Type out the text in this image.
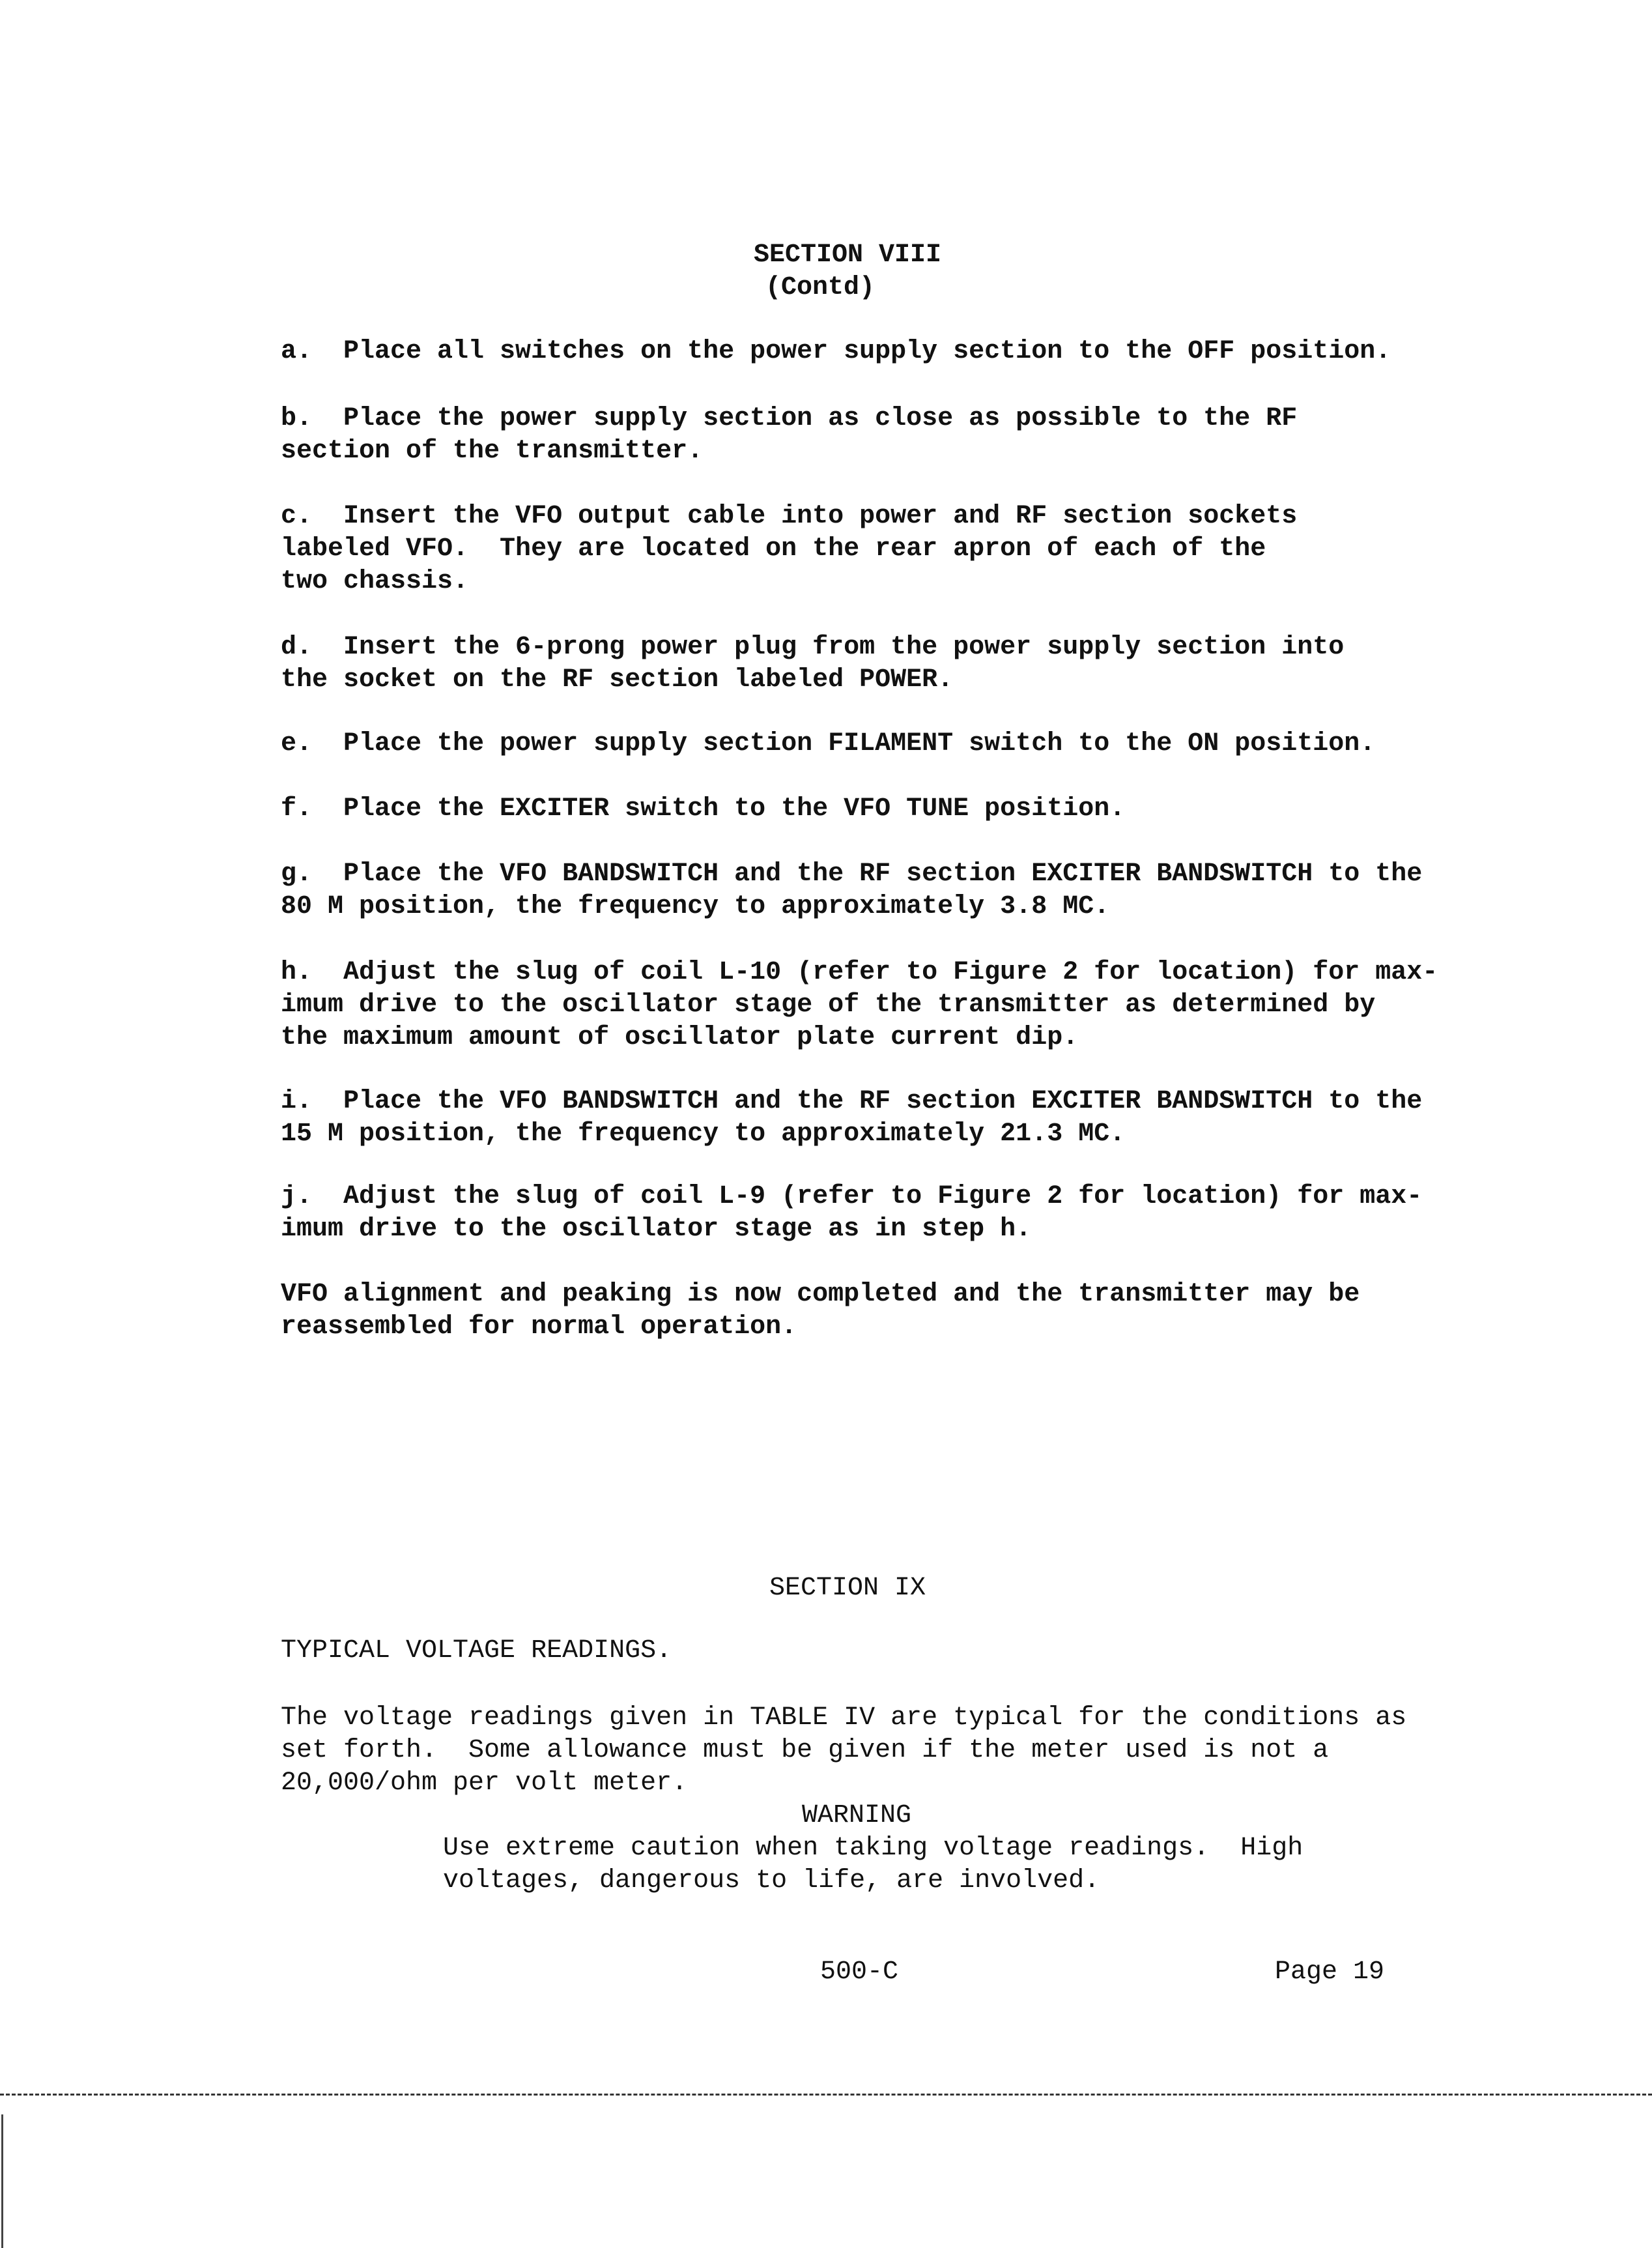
SECTION VIII
(Contd)
a.  Place all switches on the power supply section to the OFF position.
b.  Place the power supply section as close as possible to the RF
section of the transmitter.
c.  Insert the VFO output cable into power and RF section sockets
labeled VFO.  They are located on the rear apron of each of the
two chassis.
d.  Insert the 6-prong power plug from the power supply section into
the socket on the RF section labeled POWER.
e.  Place the power supply section FILAMENT switch to the ON position.
f.  Place the EXCITER switch to the VFO TUNE position.
g.  Place the VFO BANDSWITCH and the RF section EXCITER BANDSWITCH to the
80 M position, the frequency to approximately 3.8 MC.
h.  Adjust the slug of coil L-10 (refer to Figure 2 for location) for max-
imum drive to the oscillator stage of the transmitter as determined by
the maximum amount of oscillator plate current dip.
i.  Place the VFO BANDSWITCH and the RF section EXCITER BANDSWITCH to the
15 M position, the frequency to approximately 21.3 MC.
j.  Adjust the slug of coil L-9 (refer to Figure 2 for location) for max-
imum drive to the oscillator stage as in step h.
VFO alignment and peaking is now completed and the transmitter may be
reassembled for normal operation.
SECTION IX
TYPICAL VOLTAGE READINGS.
The voltage readings given in TABLE IV are typical for the conditions as
set forth.  Some allowance must be given if the meter used is not a
20,000/ohm per volt meter.
WARNING
Use extreme caution when taking voltage readings.  High
voltages, dangerous to life, are involved.
500-C	Page 19
